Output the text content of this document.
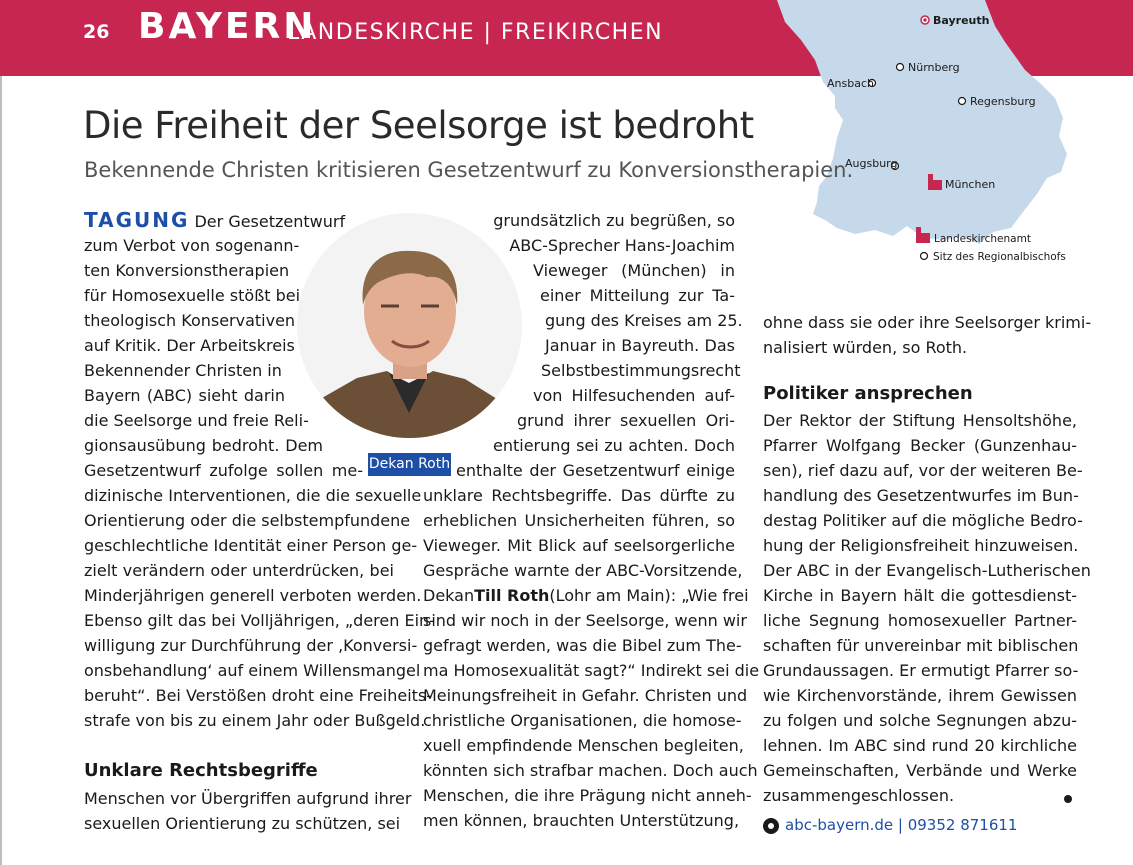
26 BAYERN
LANDESKIRCHE | FREIKIRCHEN	Bayreuth
Nürnberg
Ansbach
Regensburg
Augsburg
München
Landeskirchenamt
Sitz des Regionalbischofs
Die Freiheit der Seelsorge ist bedroht
Bekennende Christen kritisieren Gesetzentwurf zu Konversionstherapien.
Dekan Roth
TAGUNG Der Gesetzentwurf
zum Verbot von sogenann-
ten Konversionstherapien
für Homosexuelle stößt bei
theologisch Konservativen
auf Kritik. Der Arbeitskreis
Bekennender Christen in
Bayern (ABC) sieht darin
die Seelsorge und freie Reli-
gionsausübung bedroht. Dem
Gesetzentwurf zufolge sollen me-
dizinische Interventionen, die die sexuelle
Orientierung oder die selbstempfundene
geschlechtliche Identität einer Person ge-
zielt verändern oder unterdrücken, bei
Minderjährigen generell verboten werden.
Ebenso gilt das bei Volljährigen, „deren Ein-
willigung zur Durchführung der ‚Konversi-
onsbehandlung‘ auf einem Willensmangel
beruht“. Bei Verstößen droht eine Freiheits-
strafe von bis zu einem Jahr oder Bußgeld.
Unklare Rechtsbegriffe
Menschen vor Übergriffen aufgrund ihrer
sexuellen Orientierung zu schützen, sei
grundsätzlich zu begrüßen, so
ABC-Sprecher Hans-Joachim
Vieweger (München) in
einer Mitteilung zur Ta-
gung des Kreises am 25.
Januar in Bayreuth. Das
Selbstbestimmungsrecht
von Hilfesuchenden auf-
grund ihrer sexuellen Ori-
entierung sei zu achten. Doch
enthalte der Gesetzentwurf einige
unklare Rechtsbegriffe. Das dürfte zu
erheblichen Unsicherheiten führen, so
Vieweger. Mit Blick auf seelsorgerliche
Gespräche warnte der ABC-Vorsitzende,
Dekan Till Roth (Lohr am Main): „Wie frei
sind wir noch in der Seelsorge, wenn wir
gefragt werden, was die Bibel zum The-
ma Homosexualität sagt?“ Indirekt sei die
Meinungsfreiheit in Gefahr. Christen und
christliche Organisationen, die homose-
xuell empfindende Menschen begleiten,
könnten sich strafbar machen. Doch auch
Menschen, die ihre Prägung nicht anneh-
men können, brauchten Unterstützung,
ohne dass sie oder ihre Seelsorger krimi-
nalisiert würden, so Roth.
Politiker ansprechen
Der Rektor der Stiftung Hensoltshöhe,
Pfarrer Wolfgang Becker (Gunzenhau-
sen), rief dazu auf, vor der weiteren Be-
handlung des Gesetzentwurfes im Bun-
destag Politiker auf die mögliche Bedro-
hung der Religionsfreiheit hinzuweisen.
Der ABC in der Evangelisch-Lutherischen
Kirche in Bayern hält die gottesdienst-
liche Segnung homosexueller Partner-
schaften für unvereinbar mit biblischen
Grundaussagen. Er ermutigt Pfarrer so-
wie Kirchenvorstände, ihrem Gewissen
zu folgen und solche Segnungen abzu-
lehnen. Im ABC sind rund 20 kirchliche
Gemeinschaften, Verbände und Werke
zusammengeschlossen.
abc-bayern.de | 09352 871611
